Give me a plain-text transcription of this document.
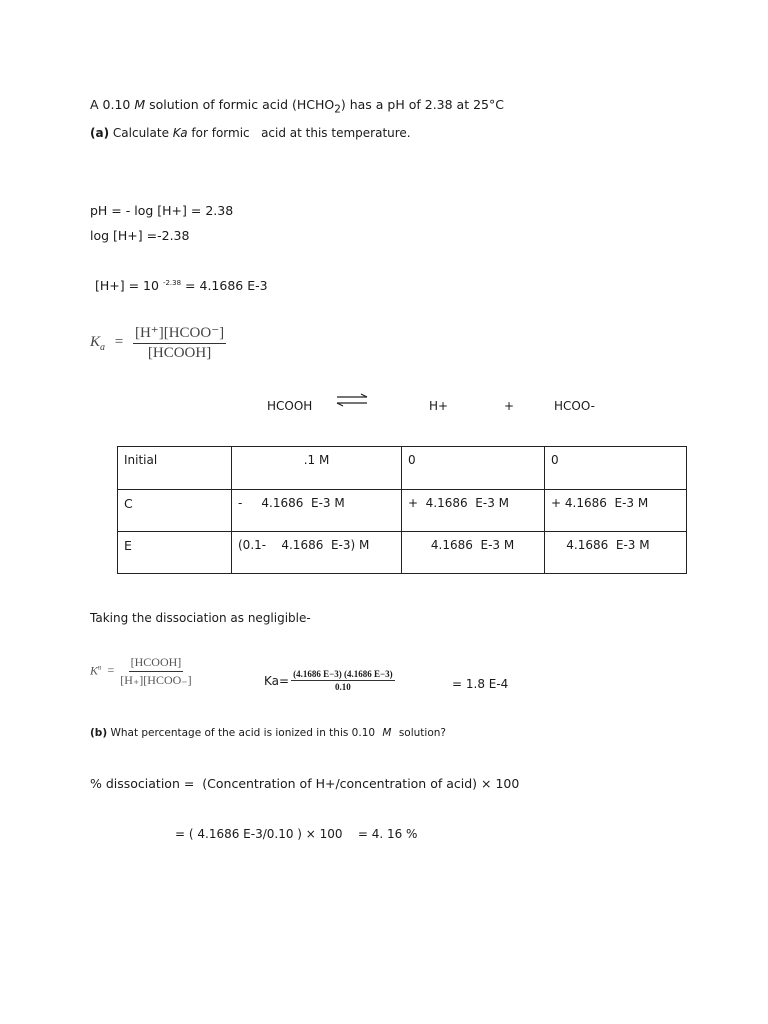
A 0.10 M solution of formic acid $(HCHO_2)$ has a pH of 2.38 at 25°C
(a) Calculate Ka for formic   acid at this temperature.
pH = - log [H+] = 2.38
log [H+] =-2.38
[H+] = 10 $^{-2.38}$ = 4.1686 E-3
$K_a = \frac{\text{[H⁺][HCOO⁻]}}{\text{[HCOOH]}}$
HCOOH	H+	+	HCOO-
Initial	.1 M	0	0
C	-     4.1686  E-3 M	+  4.1686  E-3 M	+ 4.1686  E-3 M
E	(0.1-    4.1686  E-3) M	4.1686  E-3 M	4.1686  E-3 M
Taking the dissociation as negligible-
$K^n = \frac{\text{[HCOOH]}}{\text{[H₊][HCOO₋]}}$	$Ka= \frac{(4.1686 E-3) (4.1686 E-3)}{0.10}$	= 1.8 E-4
(b) What percentage of the acid is ionized in this 0.10 M solution?
% dissociation =  (Concentration of H+/concentration of acid) × 100
= ( 4.1686 E-3/0.10 ) × 100    = 4. 16 %
